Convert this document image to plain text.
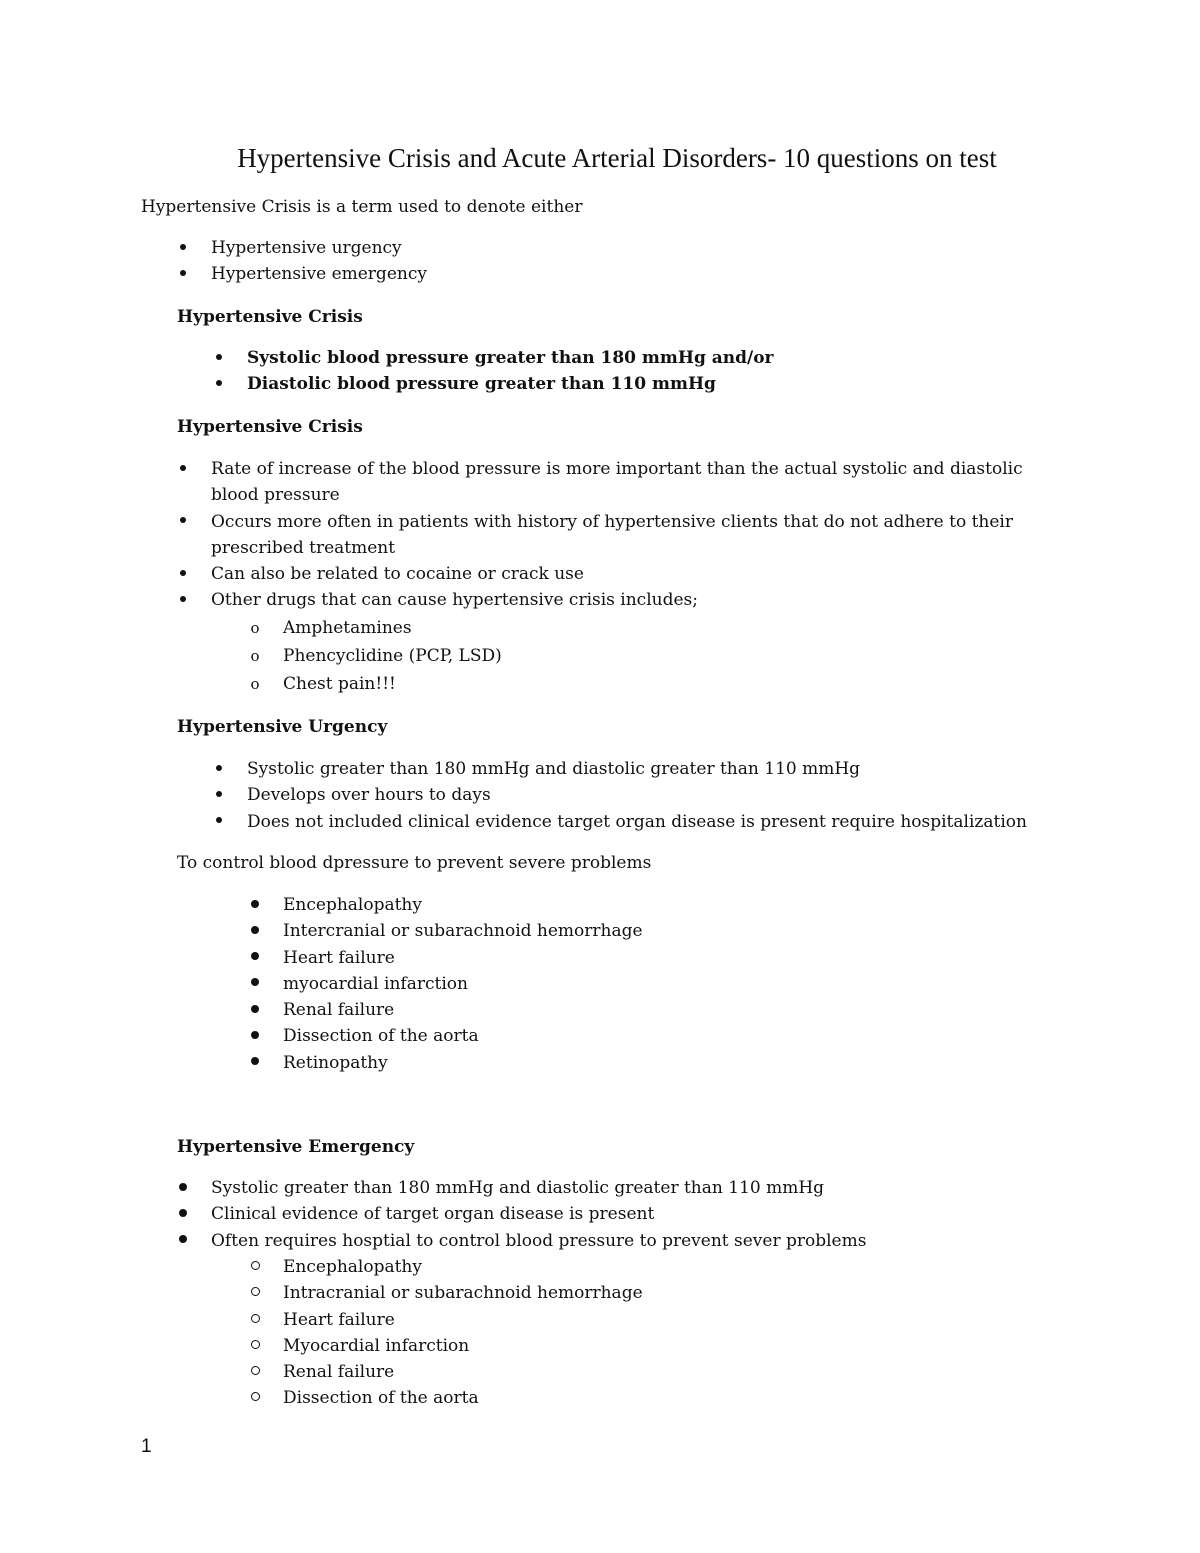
Hypertensive Crisis and Acute Arterial Disorders- 10 questions on test
Hypertensive Crisis is a term used to denote either
Hypertensive urgency
Hypertensive emergency
Hypertensive Crisis
Systolic blood pressure greater than 180 mmHg and/or
Diastolic blood pressure greater than 110 mmHg
Hypertensive Crisis
Rate of increase of the blood pressure is more important than the actual systolic and diastolic
blood pressure
Occurs more often in patients with history of hypertensive clients that do not adhere to their
prescribed treatment
Can also be related to cocaine or crack use
Other drugs that can cause hypertensive crisis includes;
o	Amphetamines
o	Phencyclidine (PCP, LSD)
o	Chest pain!!!
Hypertensive Urgency
Systolic greater than 180 mmHg and diastolic greater than 110 mmHg
Develops over hours to days
Does not included clinical evidence target organ disease is present require hospitalization
To control blood dpressure to prevent severe problems
Encephalopathy
Intercranial or subarachnoid hemorrhage
Heart failure
myocardial infarction
Renal failure
Dissection of the aorta
Retinopathy
Hypertensive Emergency
Systolic greater than 180 mmHg and diastolic greater than 110 mmHg
Clinical evidence of target organ disease is present
Often requires hosptial to control blood pressure to prevent sever problems
Encephalopathy
Intracranial or subarachnoid hemorrhage
Heart failure
Myocardial infarction
Renal failure
Dissection of the aorta
1
